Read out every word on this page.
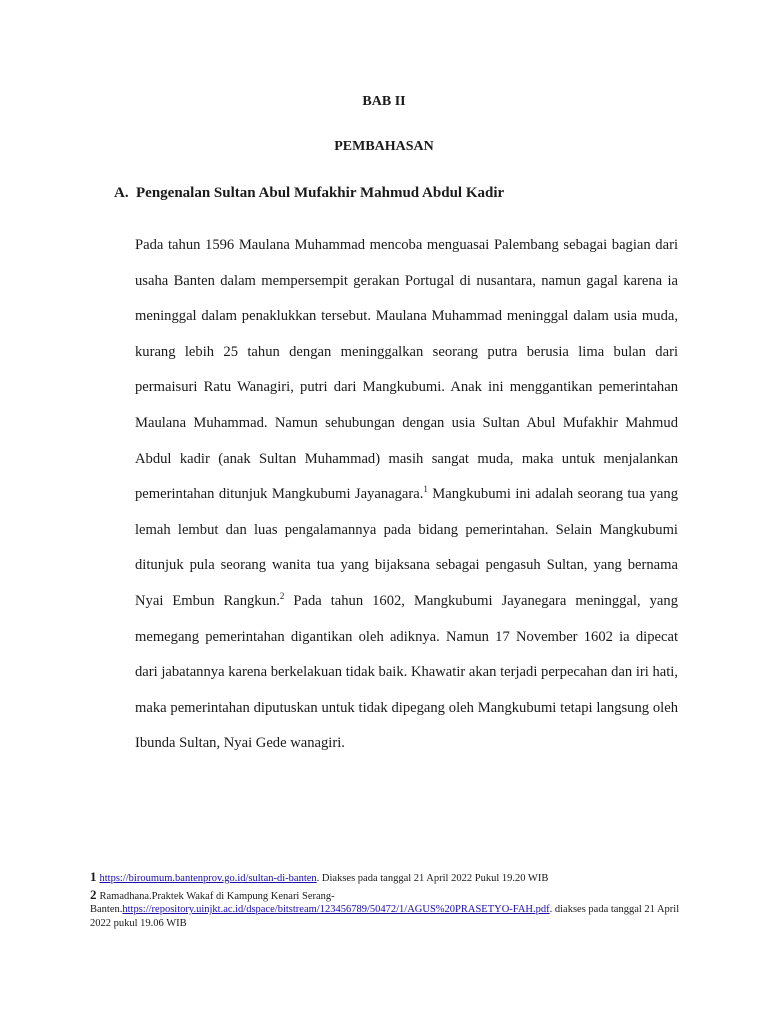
BAB II
PEMBAHASAN
A. Pengenalan Sultan Abul Mufakhir Mahmud Abdul Kadir
Pada tahun 1596 Maulana Muhammad mencoba menguasai Palembang sebagai bagian dari usaha Banten dalam mempersempit gerakan Portugal di nusantara, namun gagal karena ia meninggal dalam penaklukkan tersebut. Maulana Muhammad meninggal dalam usia muda, kurang lebih 25 tahun dengan meninggalkan seorang putra berusia lima bulan dari permaisuri Ratu Wanagiri, putri dari Mangkubumi. Anak ini menggantikan pemerintahan Maulana Muhammad. Namun sehubungan dengan usia Sultan Abul Mufakhir Mahmud Abdul kadir (anak Sultan Muhammad) masih sangat muda, maka untuk menjalankan pemerintahan ditunjuk Mangkubumi Jayanagara.$^1$ Mangkubumi ini adalah seorang tua yang lemah lembut dan luas pengalamannya pada bidang pemerintahan. Selain Mangkubumi ditunjuk pula seorang wanita tua yang bijaksana sebagai pengasuh Sultan, yang bernama Nyai Embun Rangkun.$^2$ Pada tahun 1602, Mangkubumi Jayanegara meninggal, yang memegang pemerintahan digantikan oleh adiknya. Namun 17 November 1602 ia dipecat dari jabatannya karena berkelakuan tidak baik. Khawatir akan terjadi perpecahan dan iri hati, maka pemerintahan diputuskan untuk tidak dipegang oleh Mangkubumi tetapi langsung oleh Ibunda Sultan, Nyai Gede wanagiri.
1 https://biroumum.bantenprov.go.id/sultan-di-banten. Diakses pada tanggal 21 April 2022 Pukul 19.20 WIB
2 Ramadhana.Praktek Wakaf di Kampung Kenari Serang-Banten.https://repository.uinjkt.ac.id/dspace/bitstream/123456789/50472/1/AGUS%20PRASETYO-FAH.pdf. diakses pada tanggal 21 April 2022 pukul 19.06 WIB
